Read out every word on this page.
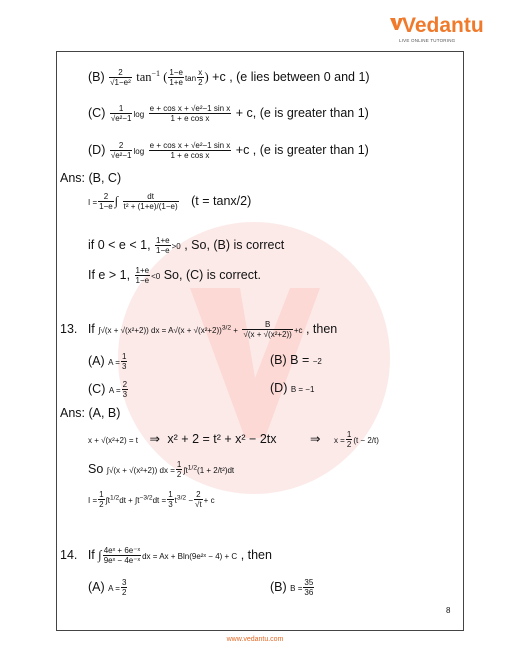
Vedantu
LIVE ONLINE TUTORING
$(B) \frac{2}{\text{√1−e²}} \tan^{-1}$ ( $\frac{1-e}{1+e}$ $\tan \frac{x}{2}$ ) +c , (e lies between 0 and 1)
$(C) \frac{1}{\text{√e²−1}}$ $\log \frac{\text{e + cos x + √e²−1 sin x}}{\text{1 + e cos x}} + c$, (e is greater than 1)
$(D) \frac{2}{\text{√e²−1}}$ $\log \frac{\text{e + cos x + √e²−1 sin x}}{\text{1 + e cos x}} +c$ , (e is greater than 1)
Ans: (B, C)
$I = \frac{2}{1-e}$ ∫ $\frac{dt}{\text{t² + (1+e)/(1−e)}} (t = \tan x/2)$
if 0 < e < 1, $\frac{1+e}{1-e} >0$ , So, (B) is correct
If e > 1, $\frac{1+e}{1-e} <0$ So, (C) is correct.
13. If ∫√(x + √(x²+2)) dx = $A√(x + √(x^2+2))^{3/2} + \frac{B}{\text{√(x + √(x²+2))}} +c$ , then
(A) $A = \frac{1}{3}$	(B) B = −2
(C) $A = \frac{2}{3}$	(D) B = −1
Ans: (A, B)
x + √(x²+2) = t ⇒ x² + 2 = t² + x² − 2tx	⇒ $x = \frac{1}{2} (t - 2/t)$
So ∫√(x + √(x²+2)) dx = $\frac{1}{2} \int t^{1/2}(1 + 2/t^2)dt$
$I = \frac{1}{2} \int t^{1/2}dt + \int t^{-3/2}dt = \frac{1}{3} t^{3/2} - \frac{2}{√t} + c$
14. If ∫ $\frac{\text{4eˣ + 6e⁻ˣ}}{\text{9eˣ − 4e⁻ˣ}}$ dx = Ax + Bln(9e²ˣ − 4) + C , then
(A) $A = \frac{3}{2}$	(B) $B = \frac{35}{36}$
8
www.vedantu.com
